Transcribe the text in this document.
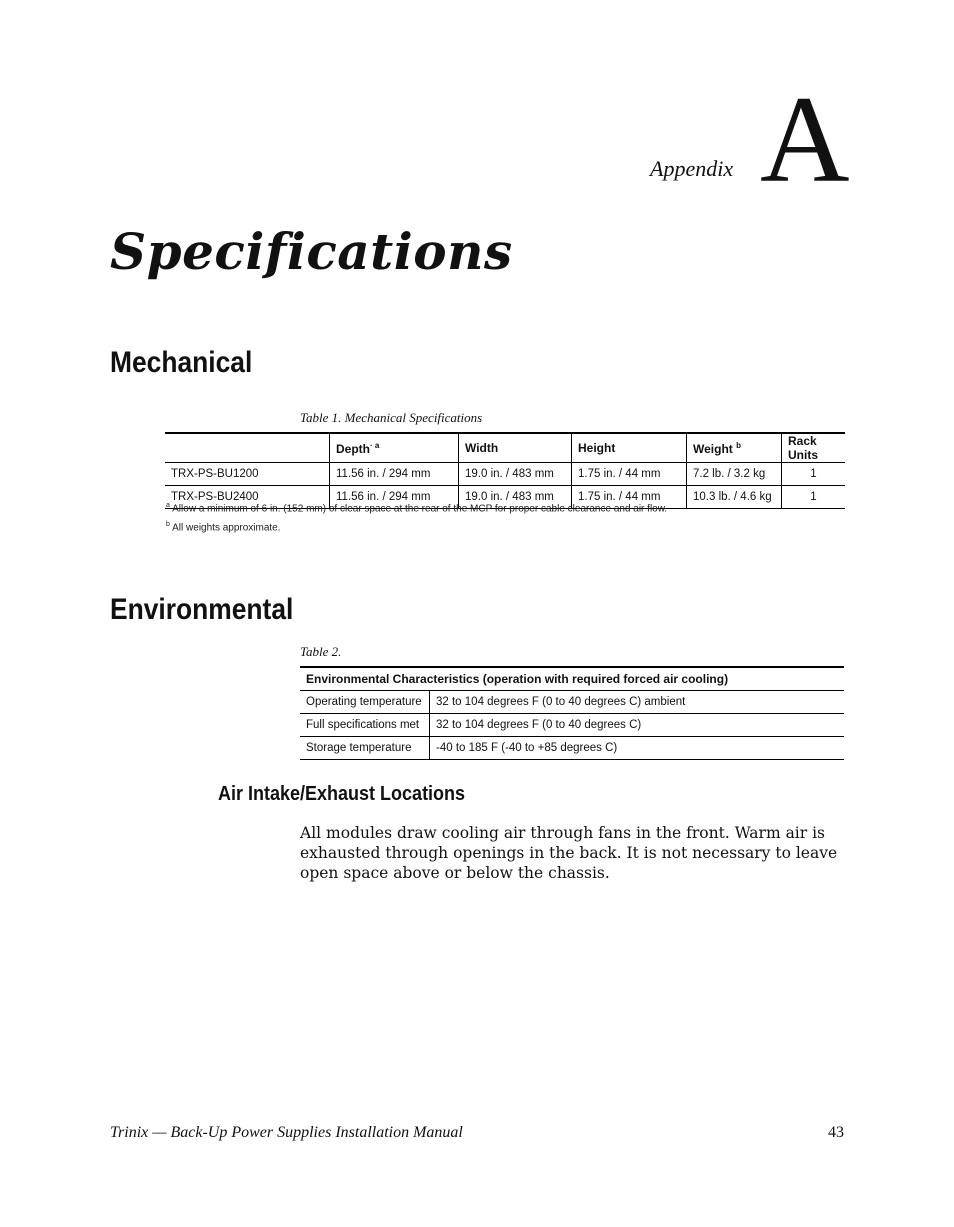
Appendix A
Specifications
Mechanical
Table 1. Mechanical Specifications
	Depth$^{\cdot a}$	Width	Height	Weight $^b$	Rack Units
TRX-PS-BU1200	11.56 in. / 294 mm	19.0 in. / 483 mm	1.75 in. / 44 mm	7.2 lb. / 3.2 kg	1
TRX-PS-BU2400	11.56 in. / 294 mm	19.0 in. / 483 mm	1.75 in. / 44 mm	10.3 lb. / 4.6 kg	1
$^a$ Allow a minimum of 6 in. (152 mm) of clear space at the rear of the MCP for proper cable clearance and air flow.
$^b$ All weights approximate.
Environmental
Table 2.
Environmental Characteristics (operation with required forced air cooling)	
Operating temperature	32 to 104 degrees F (0 to 40 degrees C) ambient
Full specifications met	32 to 104 degrees F (0 to 40 degrees C)
Storage temperature	-40 to 185 F (-40 to +85 degrees C)
Air Intake/Exhaust Locations

All modules draw cooling air through fans in the front. Warm air is exhausted through openings in the back. It is not necessary to leave open space above or below the chassis.

Trinix — Back-Up Power Supplies Installation Manual	43
